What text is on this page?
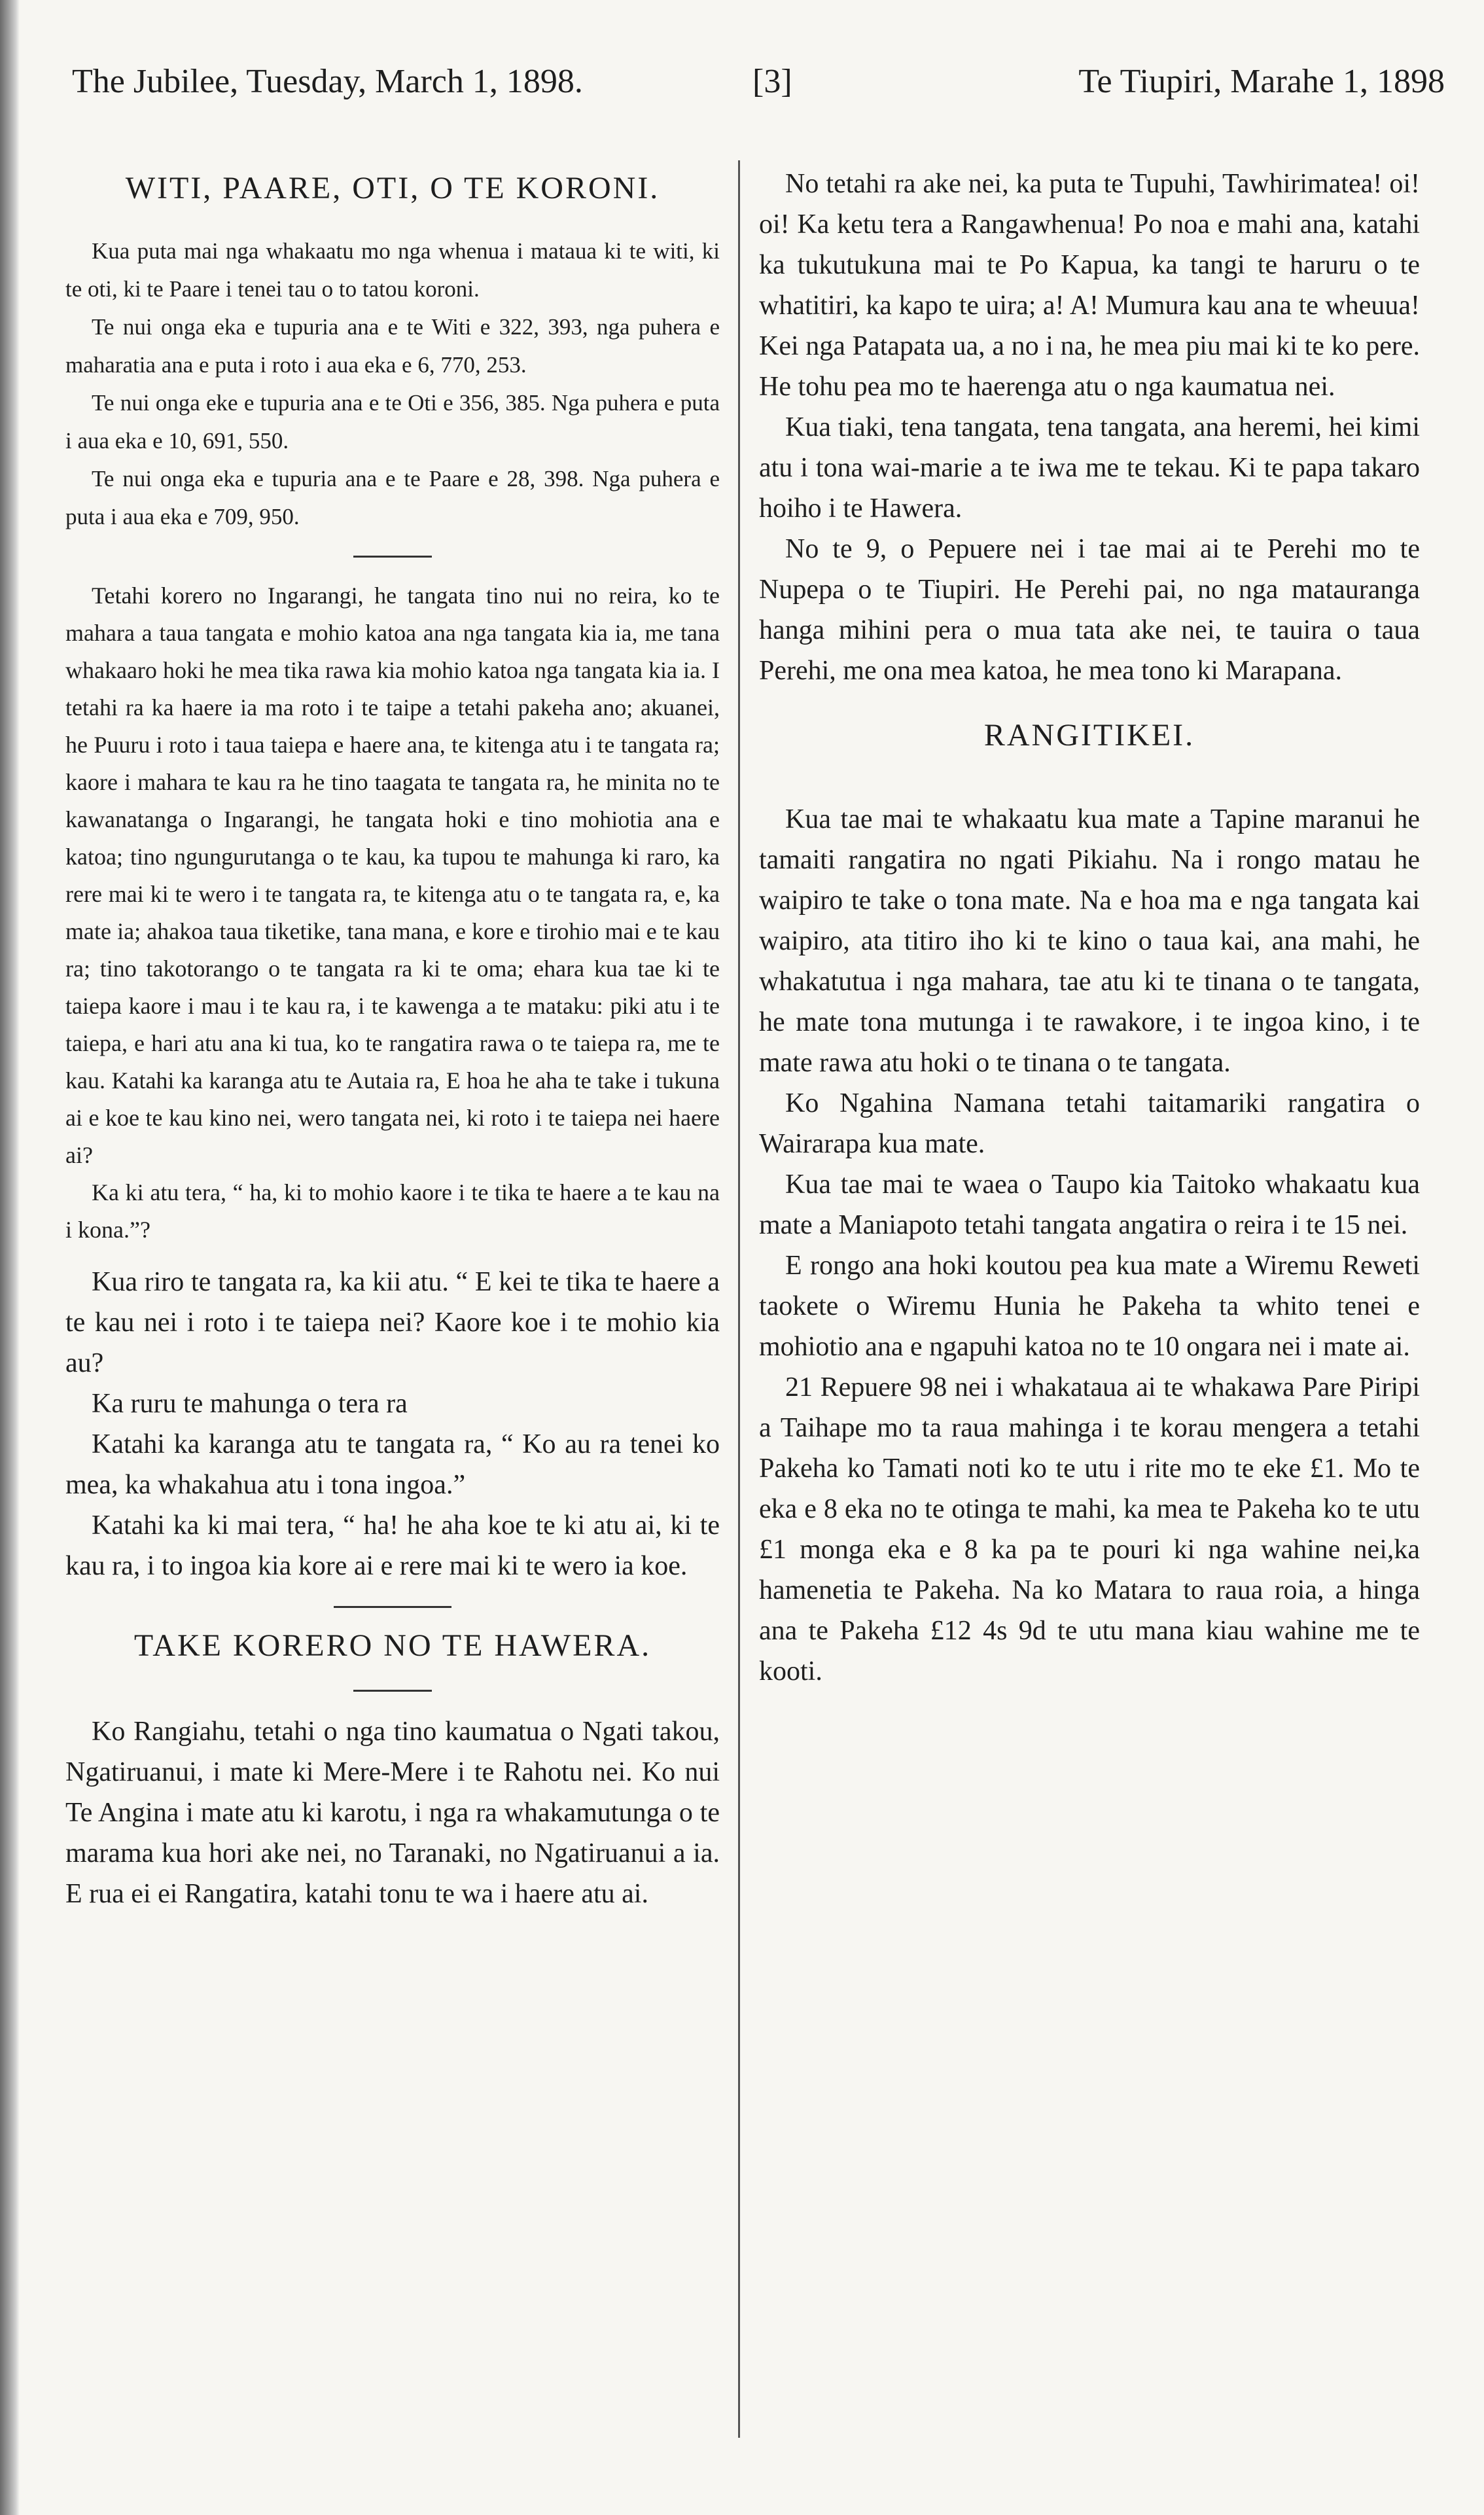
The Jubilee, Tuesday, March 1, 1898.	[3]	Te Tiupiri, Marahe 1, 1898
WITI, PAARE, OTI, O TE KORONI.

Kua puta mai nga whakaatu mo nga whenua i mataua ki te witi, ki te oti, ki te Paare i tenei tau o to tatou koroni.

Te nui onga eka e tupuria ana e te Witi e 322, 393, nga puhera e maharatia ana e puta i roto i aua eka e 6, 770, 253.

Te nui onga eke e tupuria ana e te Oti e 356, 385. Nga puhera e puta i aua eka e 10, 691, 550.

Te nui onga eka e tupuria ana e te Paare e 28, 398. Nga puhera e puta i aua eka e 709, 950.

Tetahi korero no Ingarangi, he tangata tino nui no reira, ko te mahara a taua tangata e mohio katoa ana nga tangata kia ia, me tana whakaaro hoki he mea tika rawa kia mohio katoa nga tangata kia ia. I tetahi ra ka haere ia ma roto i te taipe a tetahi pakeha ano; akuanei, he Puuru i roto i taua taiepa e haere ana, te kitenga atu i te tangata ra; kaore i mahara te kau ra he tino taagata te tangata ra, he minita no te kawanatanga o Ingarangi, he tangata hoki e tino mohiotia ana e katoa; tino ngungurutanga o te kau, ka tupou te mahunga ki raro, ka rere mai ki te wero i te tangata ra, te kitenga atu o te tangata ra, e, ka mate ia; ahakoa taua tiketike, tana mana, e kore e tirohio mai e te kau ra; tino takotorango o te tangata ra ki te oma; ehara kua tae ki te taiepa kaore i mau i te kau ra, i te kawenga a te mataku: piki atu i te taiepa, e hari atu ana ki tua, ko te rangatira rawa o te taiepa ra, me te kau. Katahi ka karanga atu te Autaia ra, E hoa he aha te take i tukuna ai e koe te kau kino nei, wero tangata nei, ki roto i te taiepa nei haere ai?

Ka ki atu tera, “ ha, ki to mohio kaore i te tika te haere a te kau na i kona.”?

Kua riro te tangata ra, ka kii atu. “ E kei te tika te haere a te kau nei i roto i te taiepa nei? Kaore koe i te mohio kia au?

Ka ruru te mahunga o tera ra

Katahi ka karanga atu te tangata ra, “ Ko au ra tenei ko mea, ka whakahua atu i tona ingoa.”

Katahi ka ki mai tera, “ ha! he aha koe te ki atu ai, ki te kau ra, i to ingoa kia kore ai e rere mai ki te wero ia koe.

TAKE KORERO NO TE HAWERA.

Ko Rangiahu, tetahi o nga tino kaumatua o Ngati takou, Ngatiruanui, i mate ki Mere-Mere i te Rahotu nei. Ko nui Te Angina i mate atu ki karotu, i nga ra whakamutunga o te marama kua hori ake nei, no Taranaki, no Ngatiruanui a ia. E rua ei ei Rangatira, katahi tonu te wa i haere atu ai.

No tetahi ra ake nei, ka puta te Tupuhi, Tawhirimatea! oi! oi! Ka ketu tera a Rangawhenua! Po noa e mahi ana, katahi ka tukutukuna mai te Po Kapua, ka tangi te haruru o te whatitiri, ka kapo te uira; a! A! Mumura kau ana te wheuua! Kei nga Patapata ua, a no i na, he mea piu mai ki te ko pere. He tohu pea mo te haerenga atu o nga kaumatua nei.

Kua tiaki, tena tangata, tena tangata, ana heremi, hei kimi atu i tona wai-marie a te iwa me te tekau. Ki te papa takaro hoiho i te Hawera.

No te 9, o Pepuere nei i tae mai ai te Perehi mo te Nupepa o te Tiupiri. He Perehi pai, no nga matauranga hanga mihini pera o mua tata ake nei, te tauira o taua Perehi, me ona mea katoa, he mea tono ki Marapana.

RANGITIKEI.

Kua tae mai te whakaatu kua mate a Tapine maranui he tamaiti rangatira no ngati Pikiahu. Na i rongo matau he waipiro te take o tona mate. Na e hoa ma e nga tangata kai waipiro, ata titiro iho ki te kino o taua kai, ana mahi, he whakatutua i nga mahara, tae atu ki te tinana o te tangata, he mate tona mutunga i te rawakore, i te ingoa kino, i te mate rawa atu hoki o te tinana o te tangata.

Ko Ngahina Namana tetahi taitamariki rangatira o Wairarapa kua mate.

Kua tae mai te waea o Taupo kia Taitoko whakaatu kua mate a Maniapoto tetahi tangata angatira o reira i te 15 nei.

E rongo ana hoki koutou pea kua mate a Wiremu Reweti taokete o Wiremu Hunia he Pakeha ta whito tenei e mohiotio ana e ngapuhi katoa no te 10 ongara nei i mate ai.

21 Repuere 98 nei i whakataua ai te whakawa Pare Piripi a Taihape mo ta raua mahinga i te korau mengera a tetahi Pakeha ko Tamati noti ko te utu i rite mo te eke £1. Mo te eka e 8 eka no te otinga te mahi, ka mea te Pakeha ko te utu £1 monga eka e 8 ka pa te pouri ki nga wahine nei,ka hamenetia te Pakeha. Na ko Matara to raua roia, a hinga ana te Pakeha £12 4s 9d te utu mana kiau wahine me te kooti.
